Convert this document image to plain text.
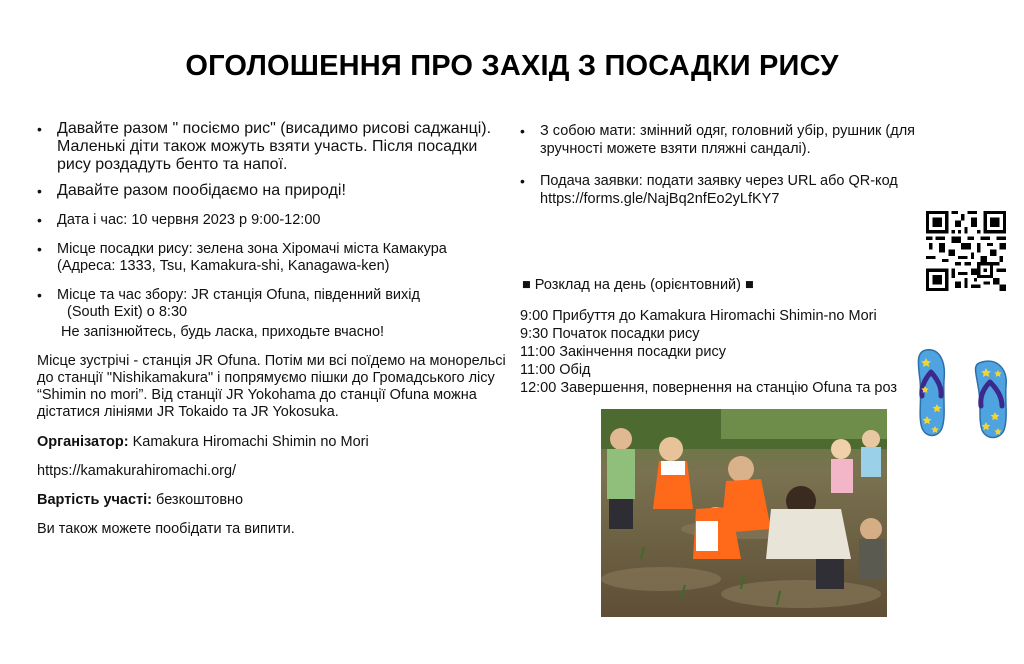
ОГОЛОШЕННЯ ПРО ЗАХІД З ПОСАДКИ РИСУ
• Давайте разом " посіємо рис" (висадимо рисові саджанці). Маленькі діти також можуть взяти участь. Після посадки рису роздадуть бенто та напої.
• Давайте разом пообідаємо на природі!
• Дата і час: 10 червня 2023 р 9:00-12:00
• Місце посадки рису: зелена зона Хіромачі міста Камакура (Адреса: 1333, Tsu, Kamakura-shi, Kanagawa-ken)
• Місце та час збору: JR станція Ofuna, південний вихід
(South Exit) о 8:30
Не запізнюйтесь, будь ласка, приходьте вчасно!
Місце зустрічі - станція JR Ofuna. Потім ми всі поїдемо на монорельсі до станції "Nishikamakura" і попрямуємо пішки до Громадського лісу “Shimin no mori”. Від станції JR Yokohama до станції Ofuna можна дістатися лініями JR Tokaido та JR Yokosuka.
Організатор: Kamakura Hiromachi Shimin no Mori
https://kamakurahiromachi.org/
Вартість участі: безкоштовно
Ви також можете пообідати та випити.
• З собою мати: змінний одяг, головний убір, рушник (для зручності можете взяти пляжні сандалі).
• Подача заявки: подати заявку через URL або QR-код https://forms.gle/NajBq2nfEo2yLfKY7
■ Розклад на день (орієнтовний) ■
9:00 Прибуття до Kamakura Hiromachi Shimin-no Mori
9:30 Початок посадки рису
11:00 Закінчення посадки рису
11:00 Обід
12:00 Завершення, повернення на станцію Ofuna та роз
